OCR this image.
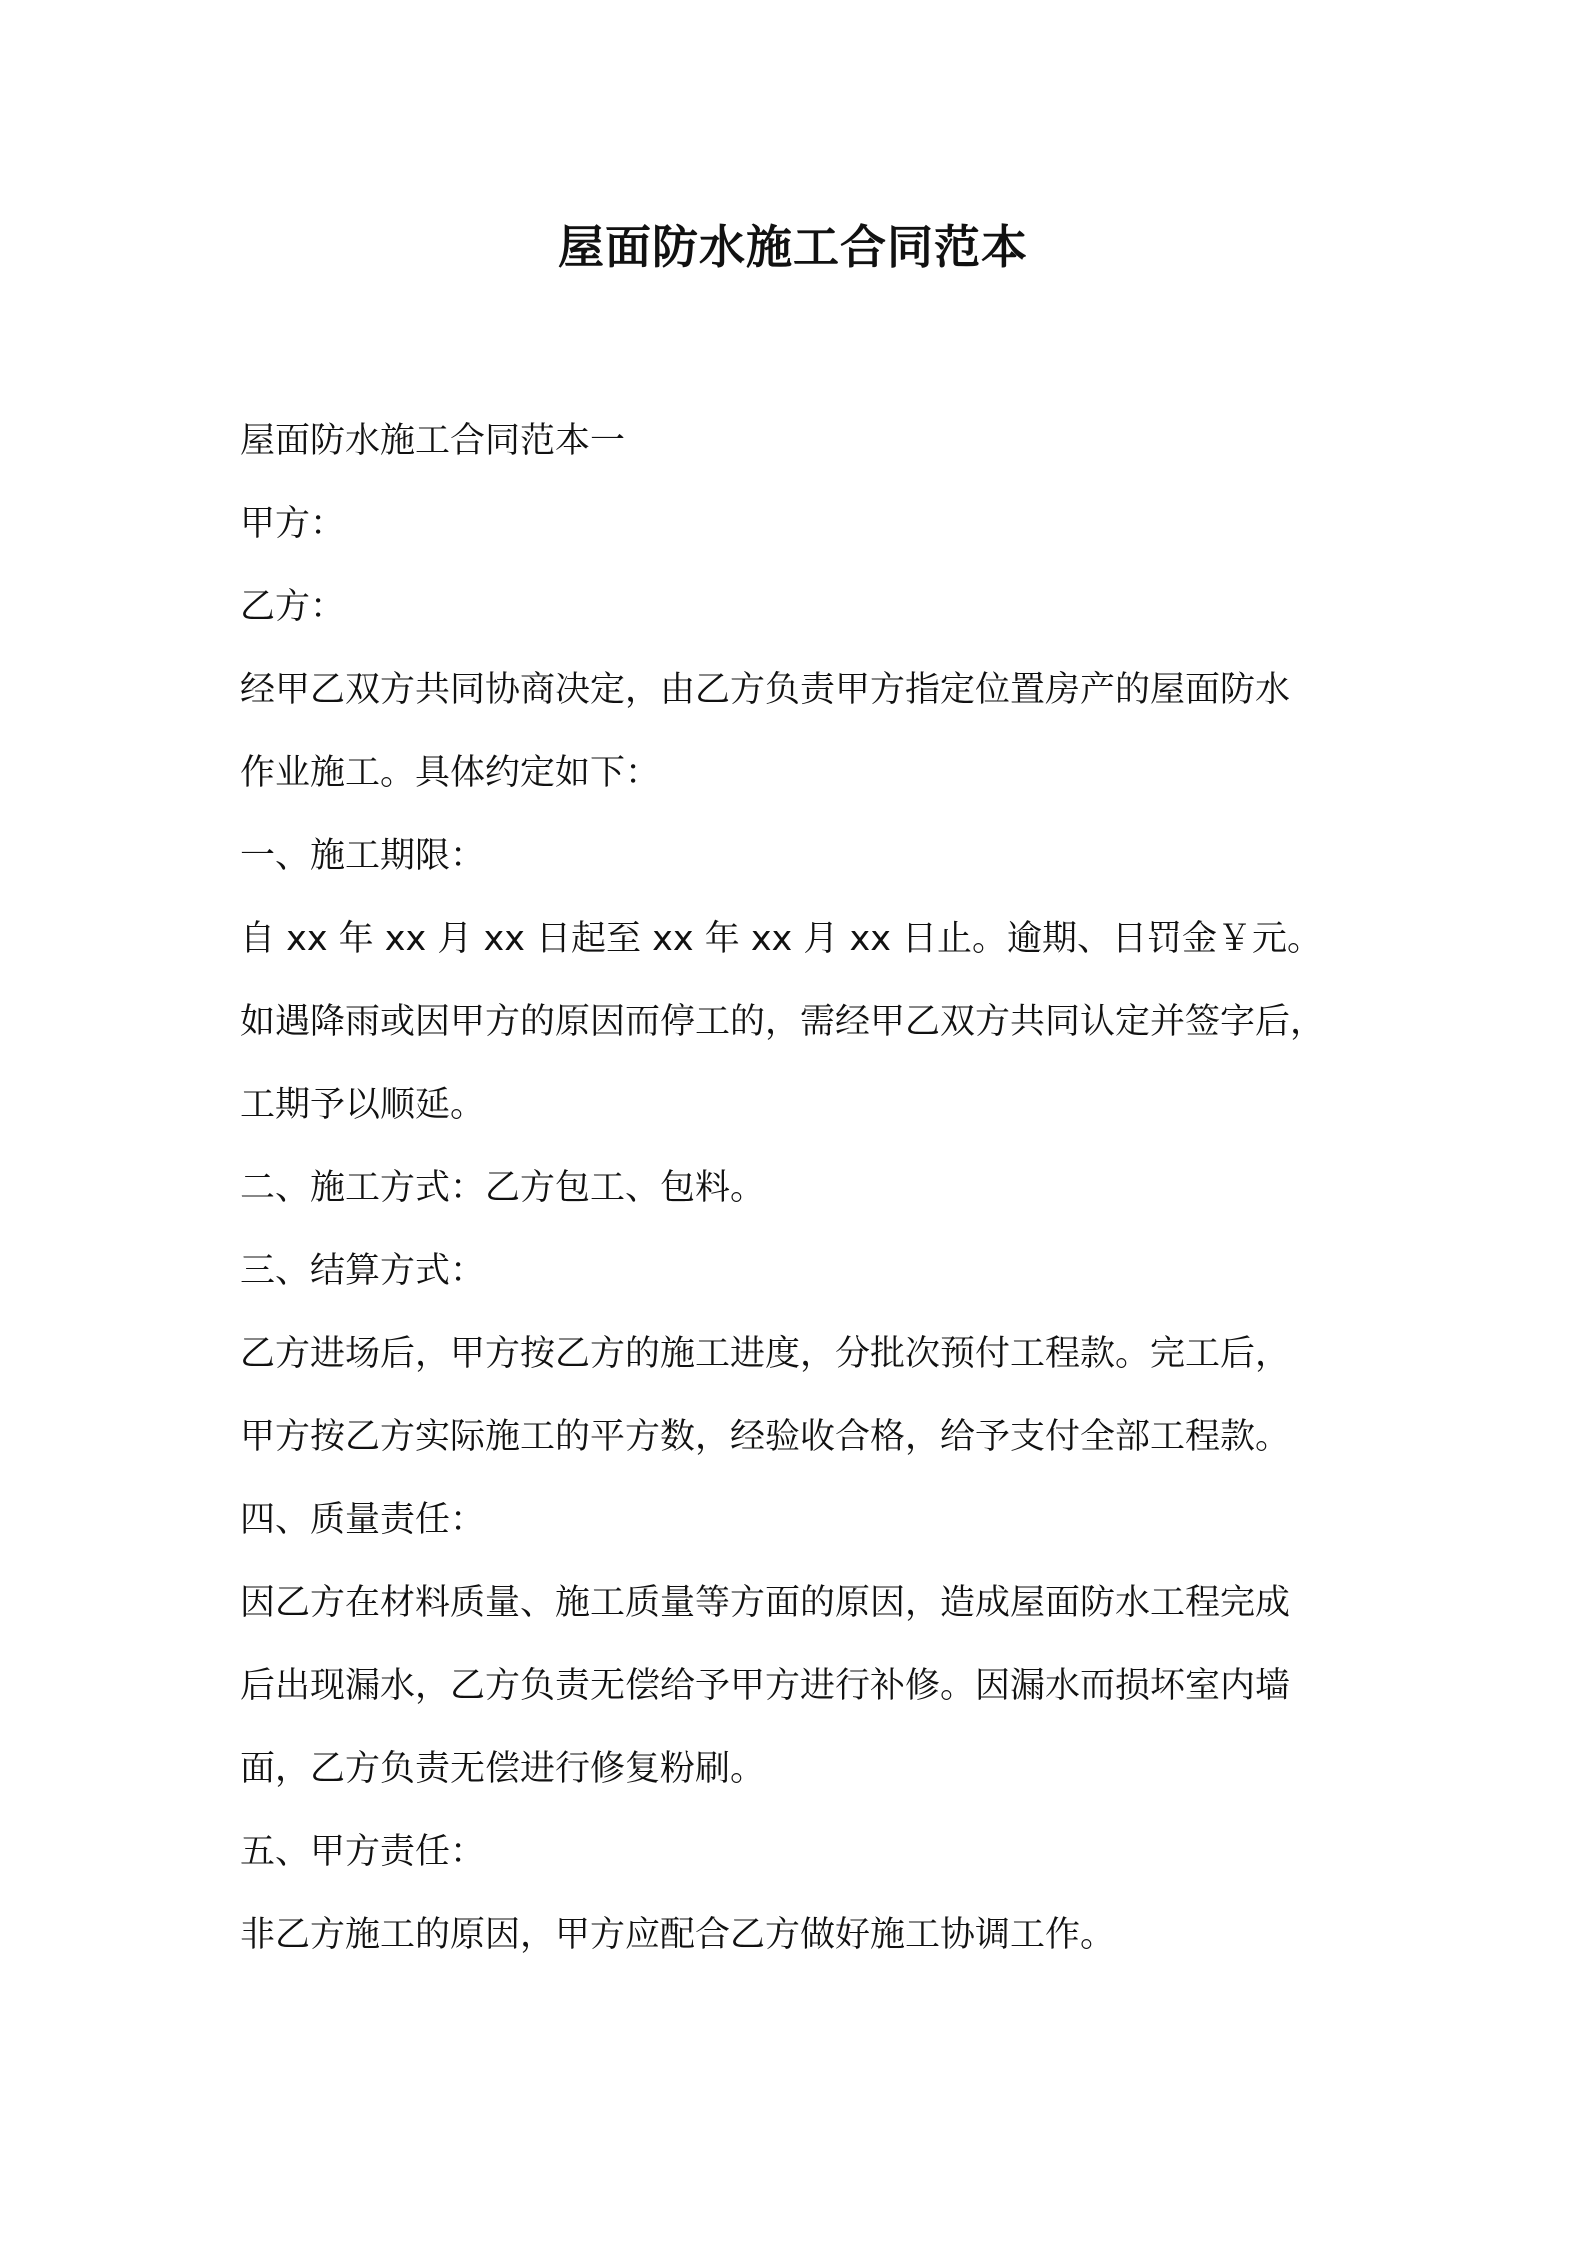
屋面防水施工合同范本

屋面防水施工合同范本一

甲方：

乙方：

经甲乙双方共同协商决定，由乙方负责甲方指定位置房产的屋面防水

作业施工。具体约定如下：

一、施工期限：

自 xx 年 xx 月 xx 日起至 xx 年 xx 月 xx 日止。逾期、日罚金￥元。

如遇降雨或因甲方的原因而停工的，需经甲乙双方共同认定并签字后，

工期予以顺延。

二、施工方式：乙方包工、包料。

三、结算方式：

乙方进场后，甲方按乙方的施工进度，分批次预付工程款。完工后，

甲方按乙方实际施工的平方数，经验收合格，给予支付全部工程款。

四、质量责任：

因乙方在材料质量、施工质量等方面的原因，造成屋面防水工程完成

后出现漏水，乙方负责无偿给予甲方进行补修。因漏水而损坏室内墙

面，乙方负责无偿进行修复粉刷。

五、甲方责任：

非乙方施工的原因，甲方应配合乙方做好施工协调工作。
